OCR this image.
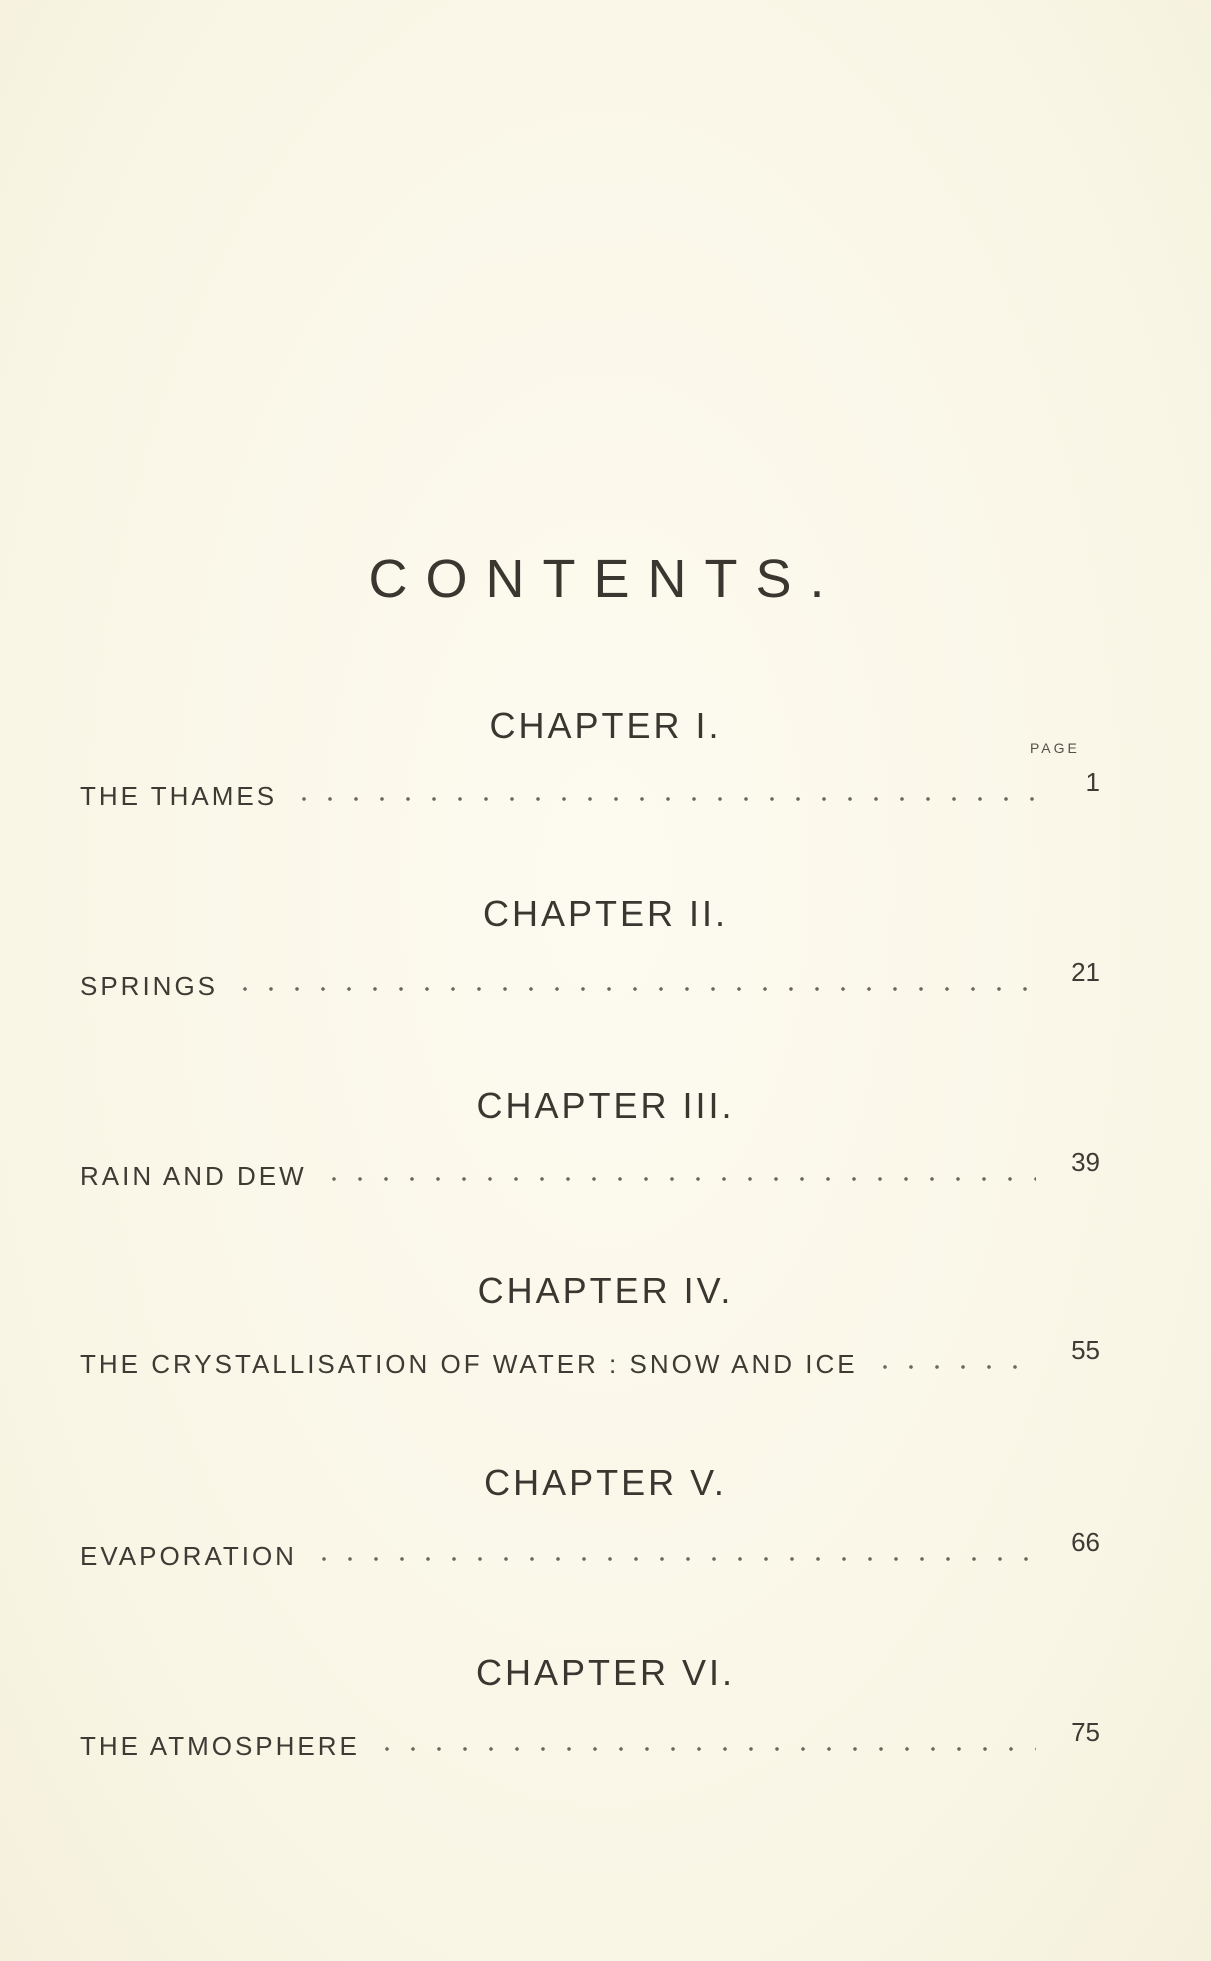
CONTENTS.
PAGE
CHAPTER I.
THE THAMES	1
CHAPTER II.
SPRINGS	21
CHAPTER III.
RAIN AND DEW	39
CHAPTER IV.
THE CRYSTALLISATION OF WATER : SNOW AND ICE	55
CHAPTER V.
EVAPORATION	66
CHAPTER VI.
THE ATMOSPHERE	75
